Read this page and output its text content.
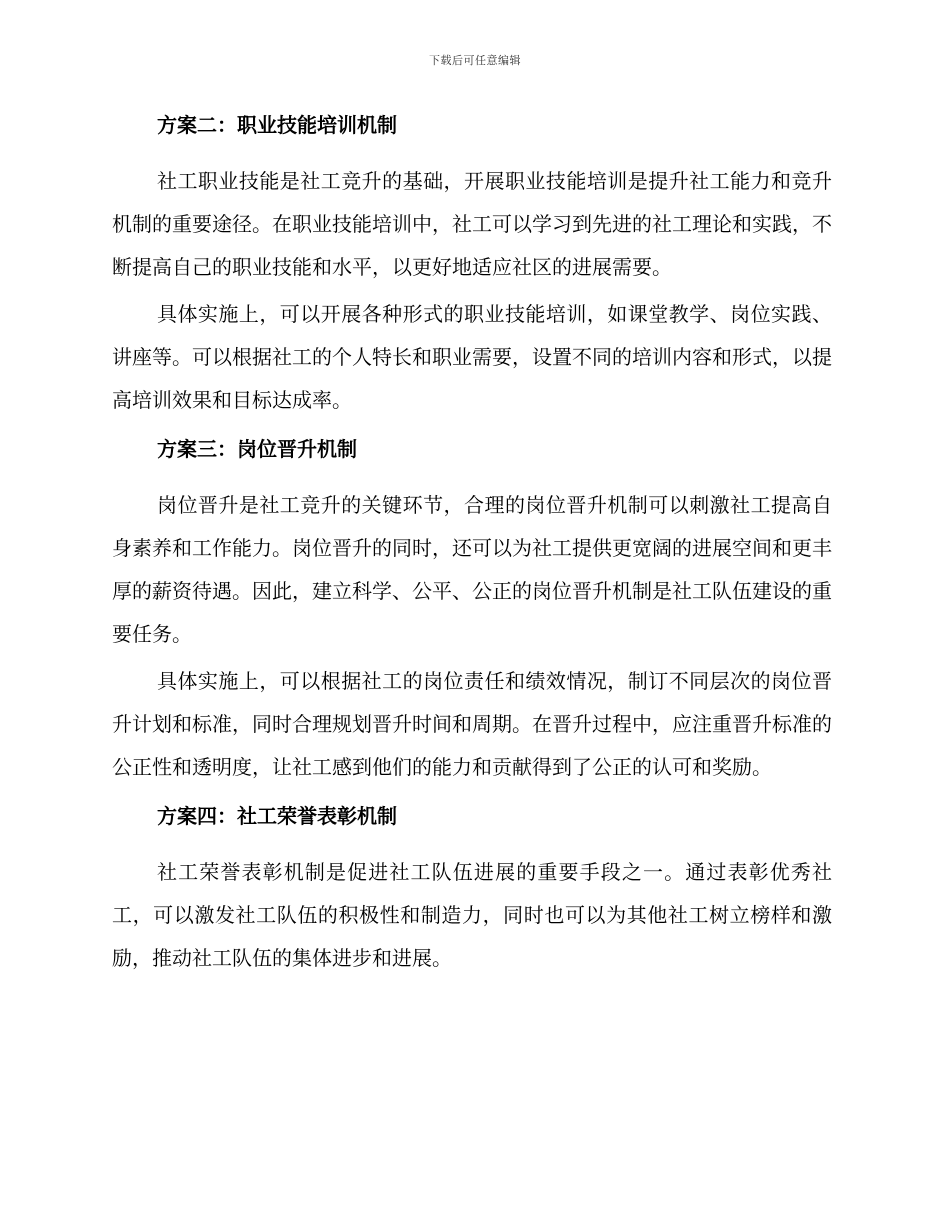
下载后可任意编辑
方案二：职业技能培训机制

社工职业技能是社工竞升的基础，开展职业技能培训是提升社工能力和竞升机制的重要途径。在职业技能培训中，社工可以学习到先进的社工理论和实践，不断提高自己的职业技能和水平，以更好地适应社区的进展需要。

具体实施上，可以开展各种形式的职业技能培训，如课堂教学、岗位实践、讲座等。可以根据社工的个人特长和职业需要，设置不同的培训内容和形式，以提高培训效果和目标达成率。

方案三：岗位晋升机制

岗位晋升是社工竞升的关键环节，合理的岗位晋升机制可以刺激社工提高自身素养和工作能力。岗位晋升的同时，还可以为社工提供更宽阔的进展空间和更丰厚的薪资待遇。因此，建立科学、公平、公正的岗位晋升机制是社工队伍建设的重要任务。

具体实施上，可以根据社工的岗位责任和绩效情况，制订不同层次的岗位晋升计划和标准，同时合理规划晋升时间和周期。在晋升过程中，应注重晋升标准的公正性和透明度，让社工感到他们的能力和贡献得到了公正的认可和奖励。

方案四：社工荣誉表彰机制

社工荣誉表彰机制是促进社工队伍进展的重要手段之一。通过表彰优秀社工，可以激发社工队伍的积极性和制造力，同时也可以为其他社工树立榜样和激励，推动社工队伍的集体进步和进展。
